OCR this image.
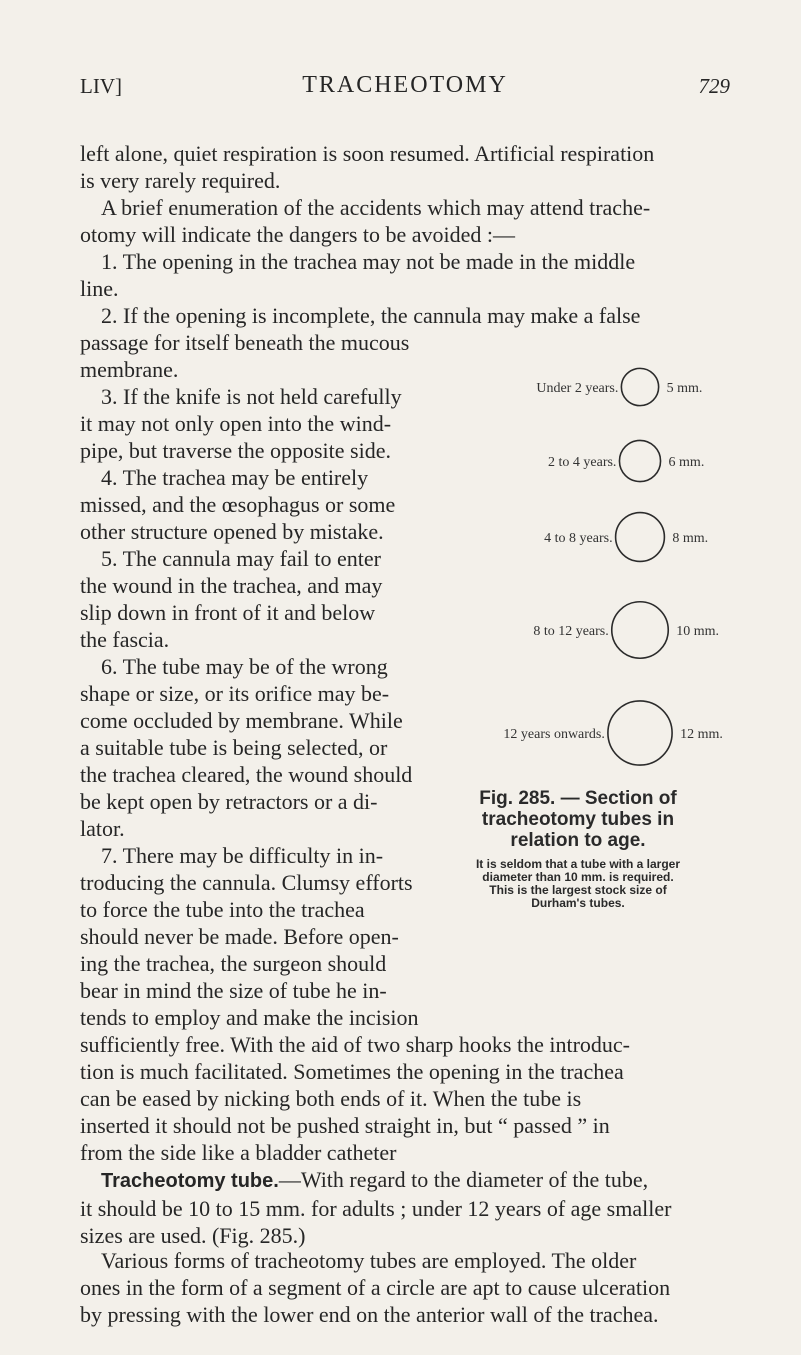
LIV]	TRACHEOTOMY	729
left alone, quiet respiration is soon resumed. Artificial respiration
is very rarely required.
A brief enumeration of the accidents which may attend trache-
otomy will indicate the dangers to be avoided :—
1. The opening in the trachea may not be made in the middle
line.
2. If the opening is incomplete, the cannula may make a false
passage for itself beneath the mucous
membrane.
3. If the knife is not held carefully
it may not only open into the wind-
pipe, but traverse the opposite side.
4. The trachea may be entirely
missed, and the œsophagus or some
other structure opened by mistake.
5. The cannula may fail to enter
the wound in the trachea, and may
slip down in front of it and below
the fascia.
6. The tube may be of the wrong
shape or size, or its orifice may be-
come occluded by membrane. While
a suitable tube is being selected, or
the trachea cleared, the wound should
be kept open by retractors or a di-
lator.
7. There may be difficulty in in-
troducing the cannula. Clumsy efforts
to force the tube into the trachea
should never be made. Before open-
ing the trachea, the surgeon should
bear in mind the size of tube he in-
tends to employ and make the incision
sufficiently free. With the aid of two sharp hooks the introduc-
tion is much facilitated. Sometimes the opening in the trachea
can be eased by nicking both ends of it. When the tube is
inserted it should not be pushed straight in, but “ passed ” in
from the side like a bladder catheter
Tracheotomy tube.—With regard to the diameter of the tube,
it should be 10 to 15 mm. for adults ; under 12 years of age smaller
sizes are used. (Fig. 285.)
Various forms of tracheotomy tubes are employed. The older
ones in the form of a segment of a circle are apt to cause ulceration
by pressing with the lower end on the anterior wall of the trachea.
Under 2 years.	5 mm.
2 to 4 years.	6 mm.
4 to 8 years.	8 mm.
8 to 12 years.	10 mm.
12 years onwards.	12 mm.
Fig. 285. — Section of
tracheotomy tubes in
relation to age.
It is seldom that a tube with a larger
diameter than 10 mm. is required.
This is the largest stock size of
Durham's tubes.
